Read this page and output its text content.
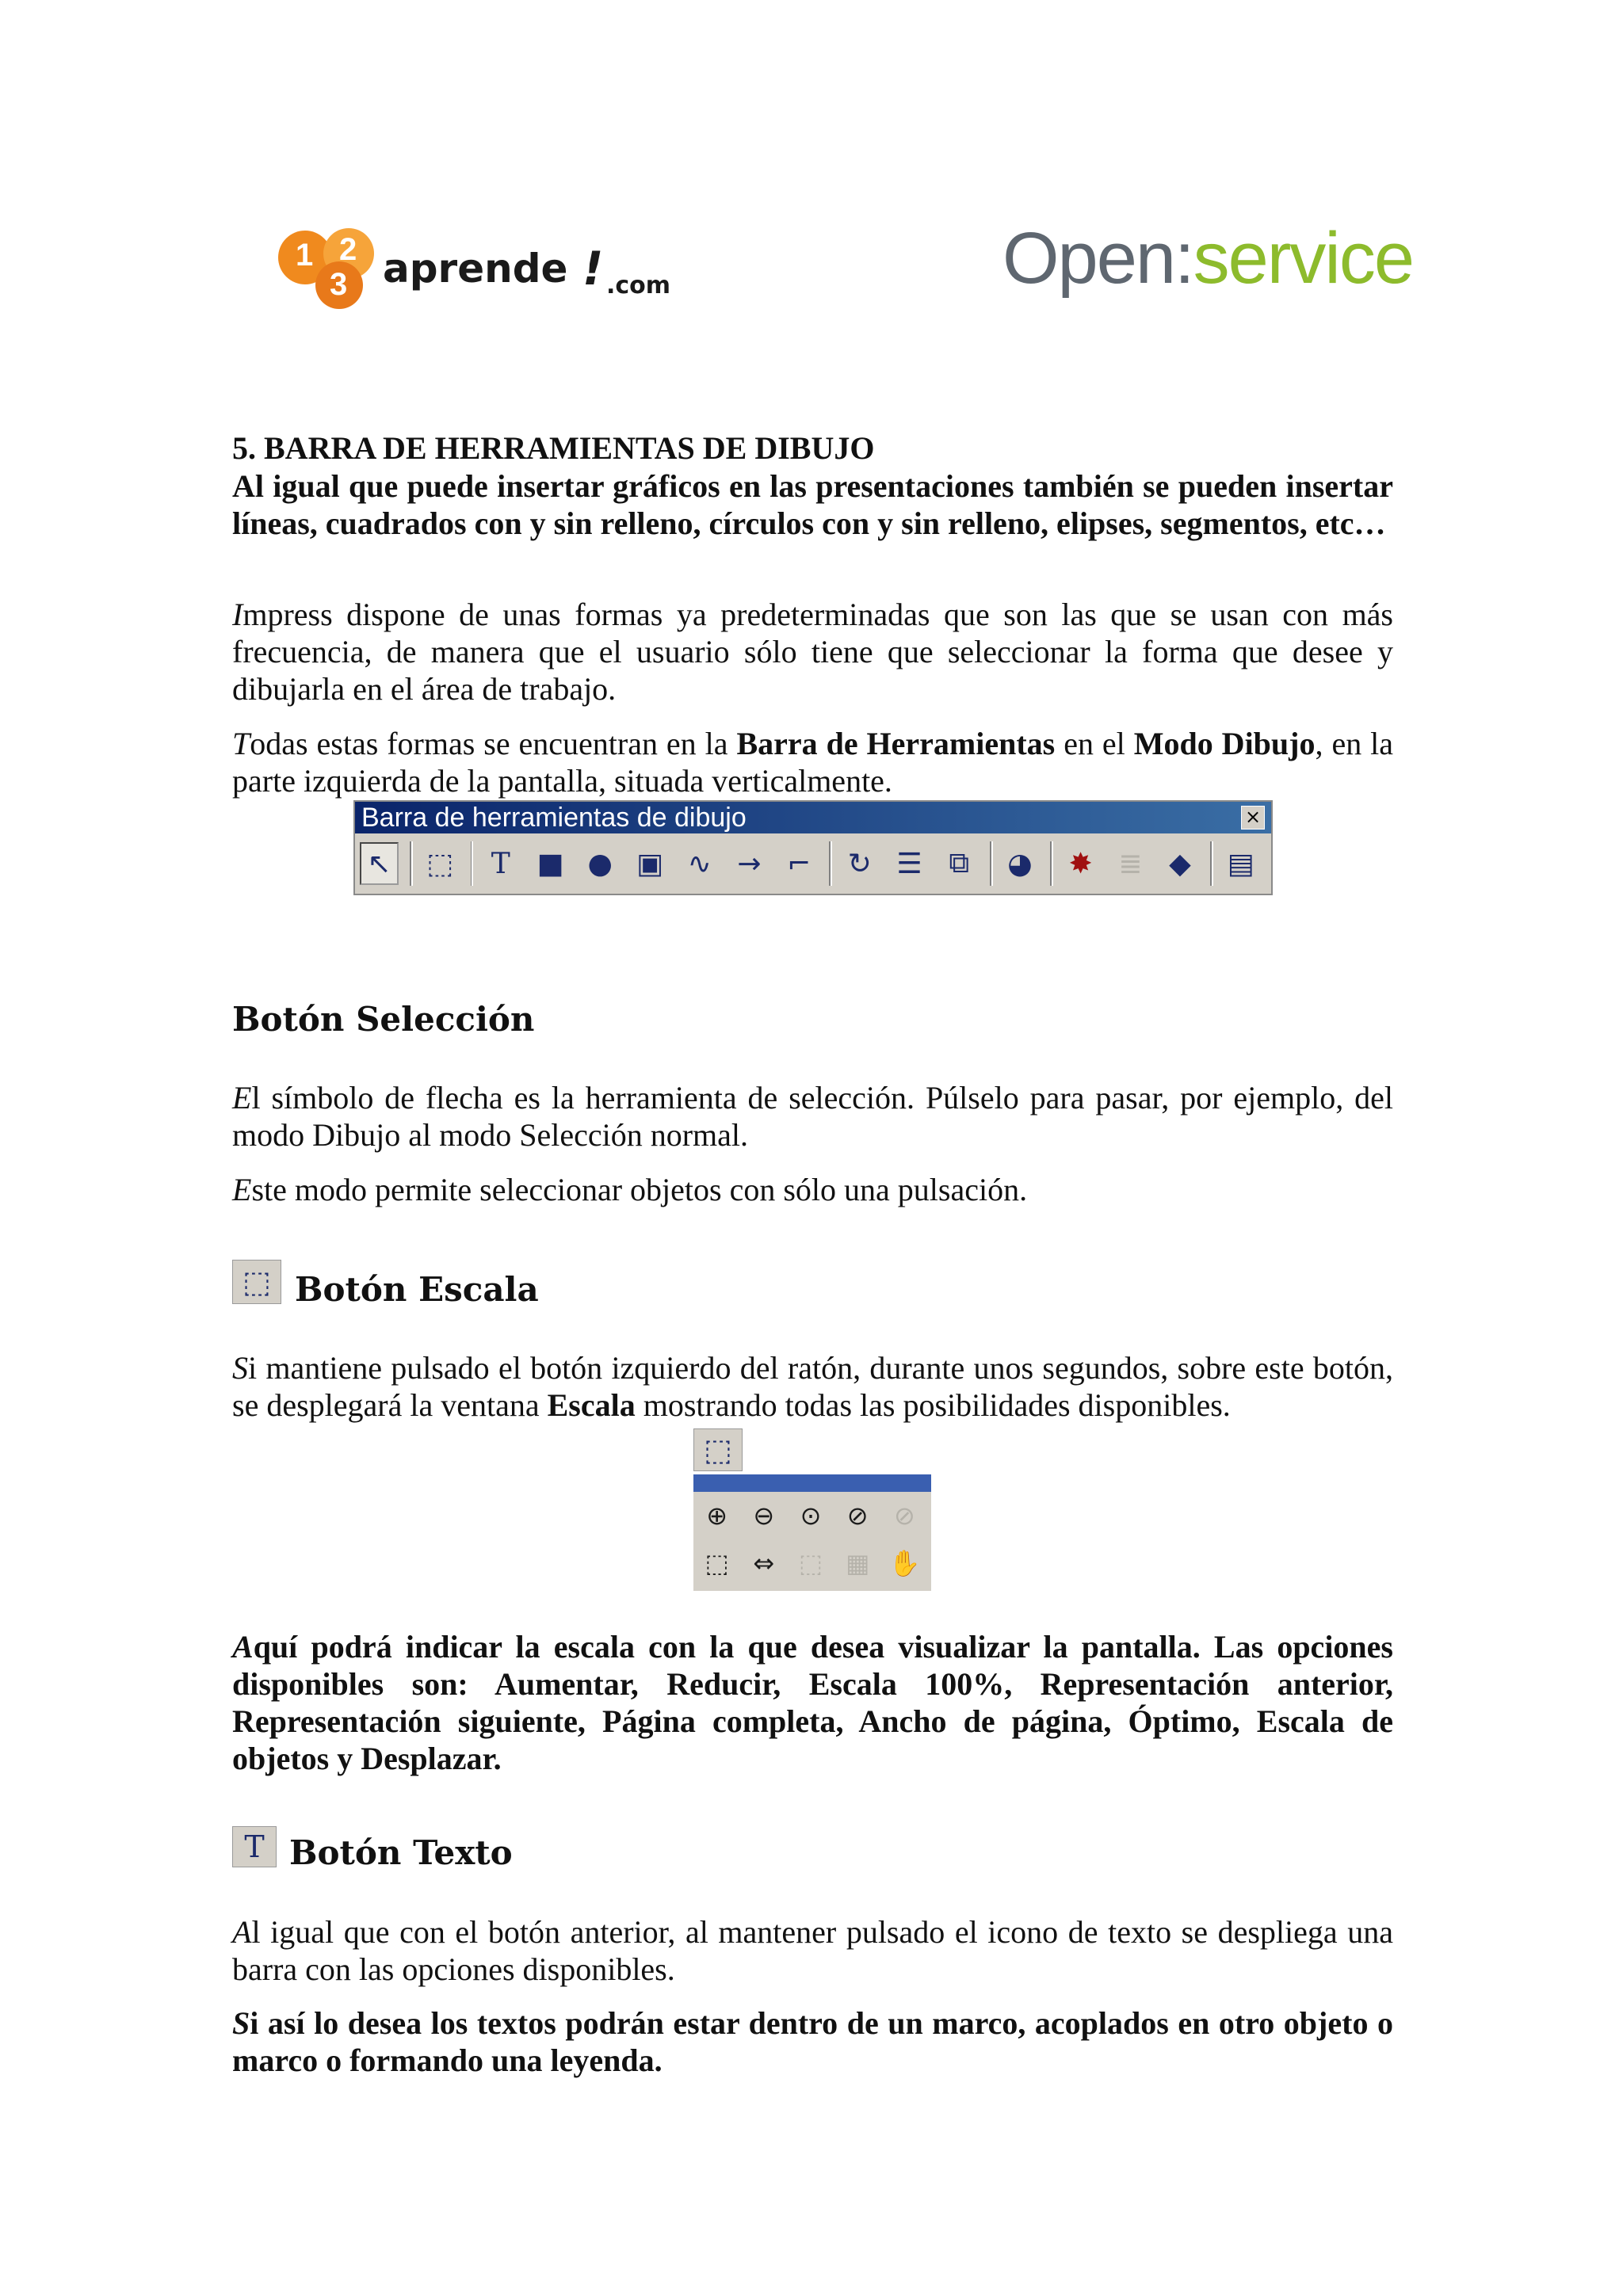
1 2
3 aprende ! .com	Open:service
5. BARRA DE HERRAMIENTAS DE DIBUJO

Al igual que puede insertar gráficos en las presentaciones también se pueden insertar líneas, cuadrados con y sin relleno, círculos con y sin relleno, elipses, segmentos, etc…

Impress dispone de unas formas ya predeterminadas que son las que se usan con más frecuencia, de manera que el usuario sólo tiene que seleccionar la forma que desee y dibujarla en el área de trabajo.

Todas estas formas se encuentran en la Barra de Herramientas en el Modo Dibujo, en la parte izquierda de la pantalla, situada verticalmente.

Barra de herramientas de dibujo	×
↖ ⬚	T ■ ● ▣ ∿ → ⌐ ↻ ☰ ⧉	◕ ✸ ≣ ◆ ▤
Botón Selección

El símbolo de flecha es la herramienta de selección. Púlselo para pasar, por ejemplo, del modo Dibujo al modo Selección normal.

Este modo permite seleccionar objetos con sólo una pulsación.

⬚ Botón Escala

Si mantiene pulsado el botón izquierdo del ratón, durante unos segundos, sobre este botón, se desplegará la ventana Escala mostrando todas las posibilidades disponibles.

⬚
⊕	⊖	⊙	⊘	⊘
⬚ ⇔ ⬚ ▦ ✋

Aquí podrá indicar la escala con la que desea visualizar la pantalla. Las opciones disponibles son: Aumentar, Reducir, Escala 100%, Representación anterior, Representación siguiente, Página completa, Ancho de página, Óptimo, Escala de objetos y Desplazar.

T Botón Texto

Al igual que con el botón anterior, al mantener pulsado el icono de texto se despliega una barra con las opciones disponibles.

Si así lo desea los textos podrán estar dentro de un marco, acoplados en otro objeto o marco o formando una leyenda.
